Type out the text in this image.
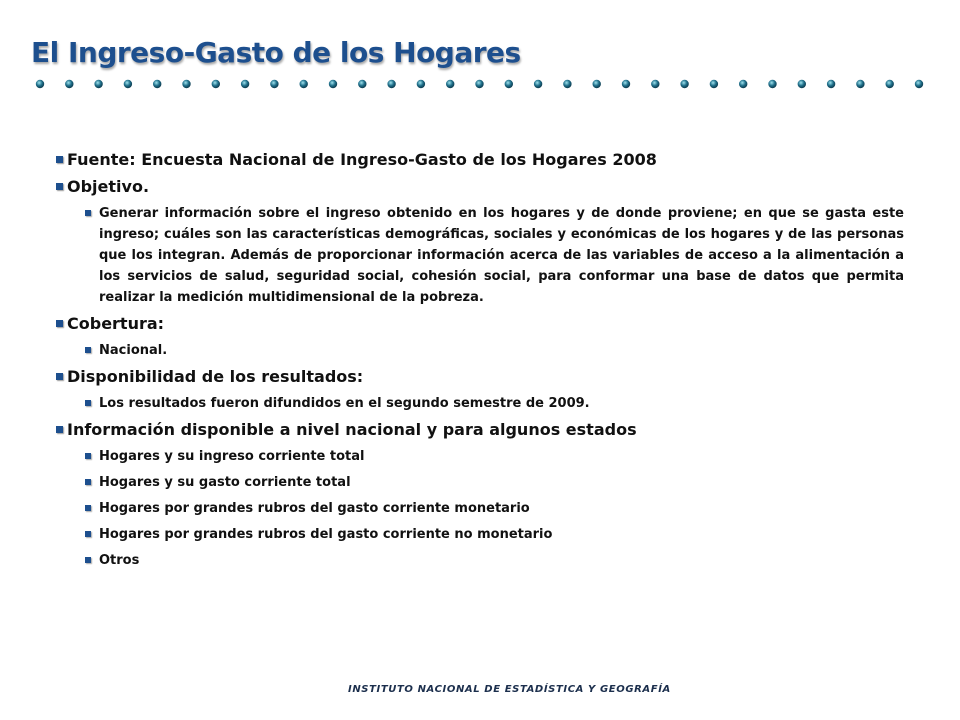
El Ingreso-Gasto de los Hogares
Fuente: Encuesta Nacional de Ingreso-Gasto de los Hogares 2008
Objetivo.
Generar información sobre el ingreso obtenido en los hogares y de donde proviene; en que se gasta este ingreso; cuáles son las características demográficas, sociales y económicas de los hogares y de las personas que los integran. Además de proporcionar información acerca de las variables de acceso a la alimentación a los servicios de salud, seguridad social, cohesión social, para conformar una base de datos que permita realizar la medición multidimensional de la pobreza.
Cobertura:
Nacional.
Disponibilidad de los resultados:
Los resultados fueron difundidos en el segundo semestre de 2009.
Información disponible a nivel nacional y para algunos estados
Hogares y su ingreso corriente total
Hogares y su gasto corriente total
Hogares por grandes rubros del gasto corriente monetario
Hogares por grandes rubros del gasto corriente no monetario
Otros
INSTITUTO NACIONAL DE ESTADÍSTICA Y GEOGRAFÍA
